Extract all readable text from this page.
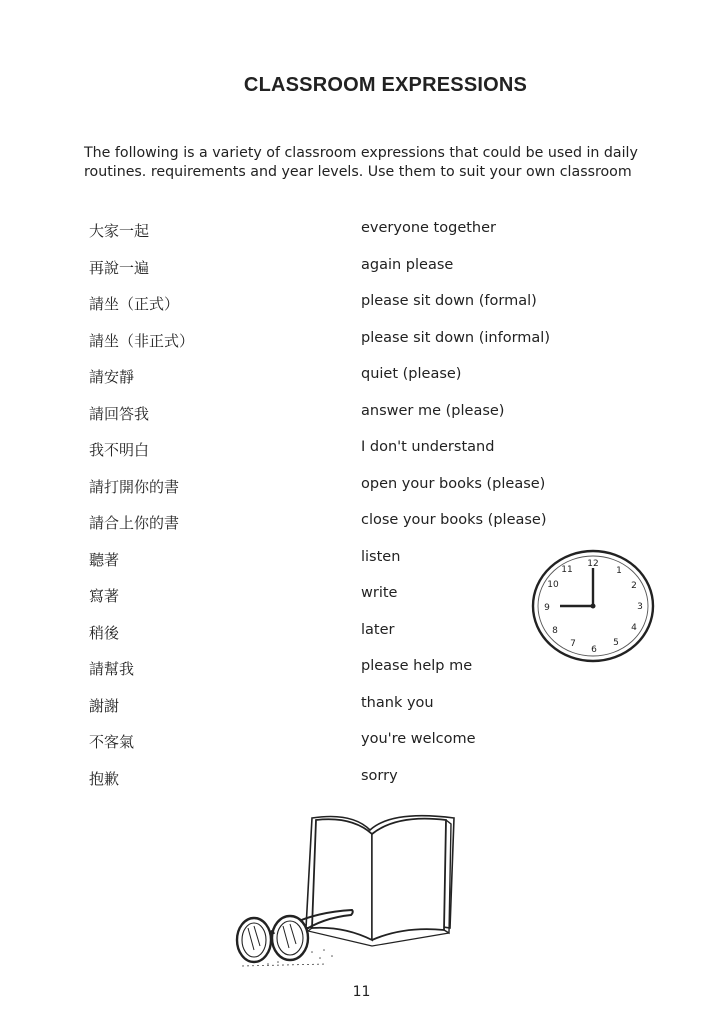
CLASSROOM EXPRESSIONS
The following is a variety of classroom expressions that could be used in daily routines. requirements and year levels. Use them to suit your own classroom
大家一起	everyone together
再說一遍	again please
請坐（正式）	please sit down (formal)
請坐（非正式）	please sit down (informal)
請安靜	quiet (please)
請回答我	answer me (please)
我不明白	I don't understand
請打開你的書	open your books (please)
請合上你的書	close your books (please)
聽著	listen
寫著	write
稍後	later
請幫我	please help me
謝謝	thank you
不客氣	you're welcome
抱歉	sorry
12
1
2
3
4
5
6
7
8
9
10
11
11
